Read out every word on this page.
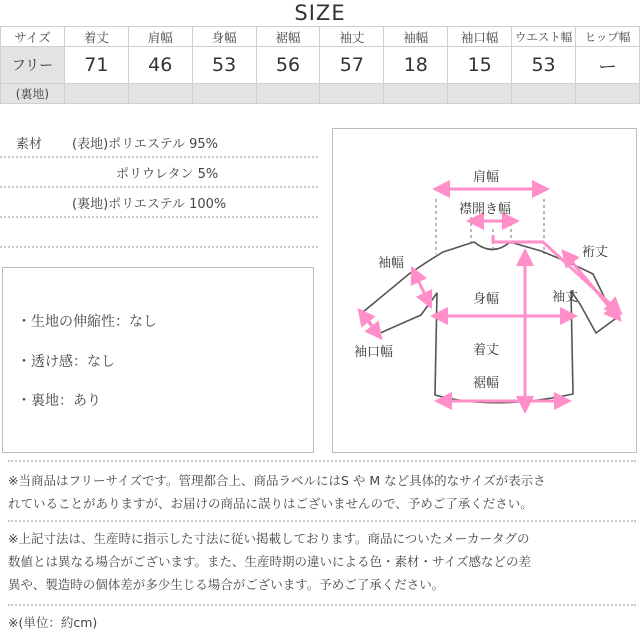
SIZE
サイズ	着丈	肩幅	身幅	裾幅	袖丈	袖幅	袖口幅	ウエスト幅	ヒップ幅
フリー	71	46	53	56	57	18	15	53	ー
(裏地)									
素材 (表地)ポリエステル 95%
ポリウレタン 5%
(裏地)ポリエステル 100%
・生地の伸縮性：なし
・透け感：なし
・裏地：あり
肩幅
襟開き幅
裄丈
袖幅
身幅	袖丈
袖口幅	着丈
裾幅
※当商品はフリーサイズです。管理都合上、商品ラベルにはS や M など具体的なサイズが表示さ
れていることがありますが、お届けの商品に誤りはございませんので、予めご了承ください。
※上記寸法は、生産時に指示した寸法に従い掲載しております。商品についたメーカータグの
数値とは異なる場合がございます。また、生産時期の違いによる色・素材・サイズ感などの差
異や、製造時の個体差が多少生じる場合がございます。予めご了承ください。
※(単位：約cm)
